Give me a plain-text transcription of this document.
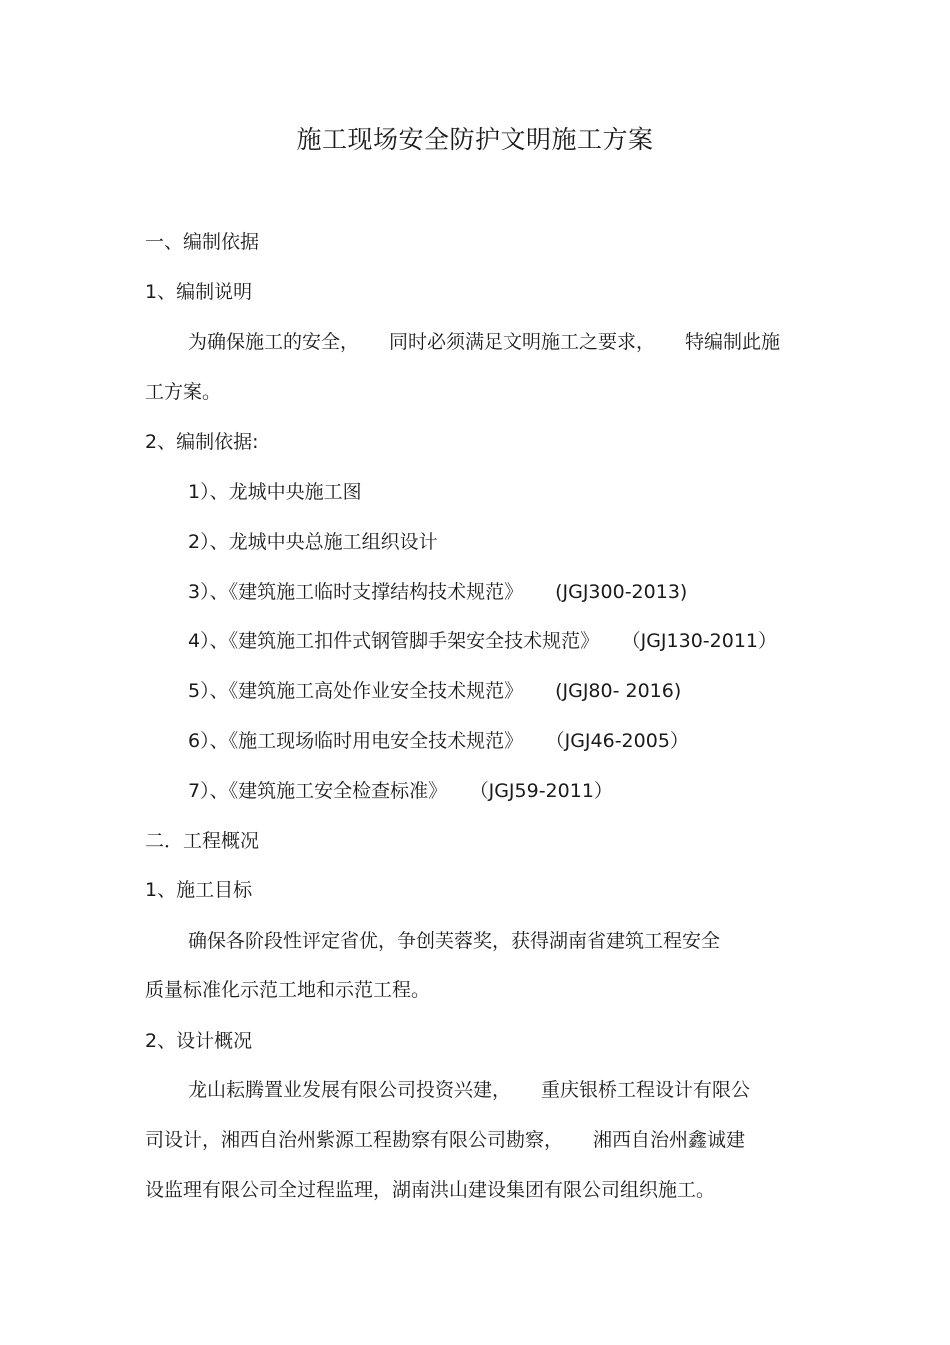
施工现场安全防护文明施工方案
一、编制依据
1、编制说明
为确保施工的安全， 同时必须满足文明施工之要求， 特编制此施
工方案。
2、编制依据:
1）、龙城中央施工图
2）、龙城中央总施工组织设计
3）、《建筑施工临时支撑结构技术规范》 (JGJ300-2013)
4）、《建筑施工扣件式钢管脚手架安全技术规范》 （JGJ130-2011）
5）、《建筑施工高处作业安全技术规范》 (JGJ80- 2016)
6）、《施工现场临时用电安全技术规范》 （JGJ46-2005）
7）、《建筑施工安全检查标准》 （JGJ59-2011）
二．工程概况
1、施工目标
确保各阶段性评定省优，争创芙蓉奖，获得湖南省建筑工程安全
质量标准化示范工地和示范工程。
2、设计概况
龙山耘腾置业发展有限公司投资兴建， 重庆银桥工程设计有限公
司设计，湘西自治州紫源工程勘察有限公司勘察， 湘西自治州鑫诚建
设监理有限公司全过程监理，湖南洪山建设集团有限公司组织施工。
